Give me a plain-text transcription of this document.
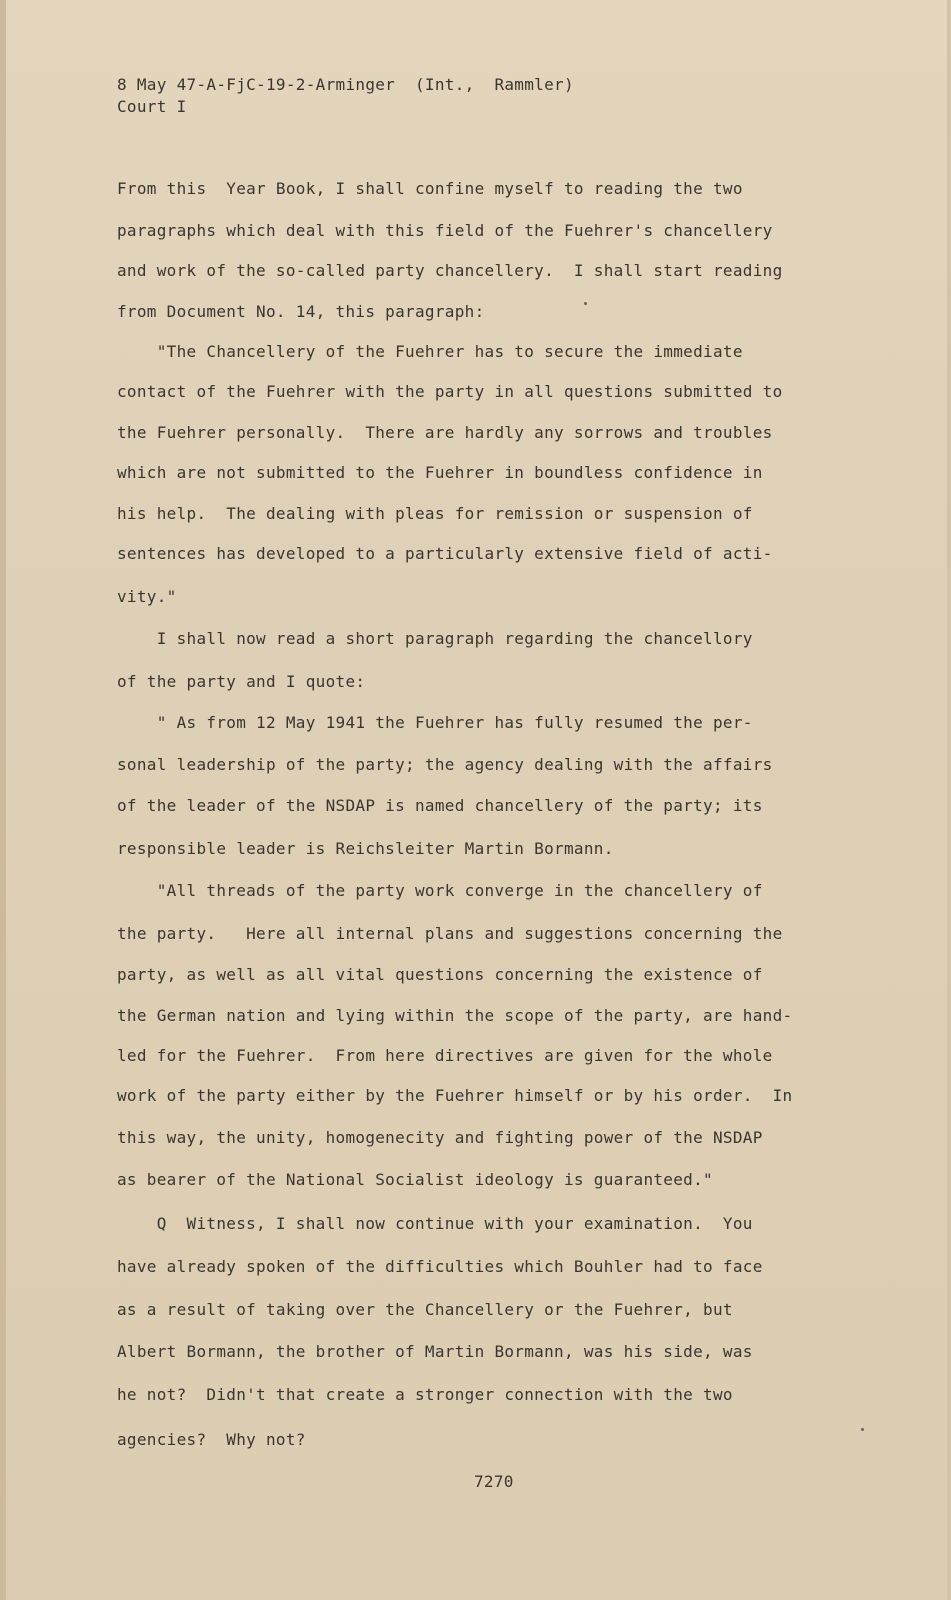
8 May 47-A-FjC-19-2-Arminger  (Int.,  Rammler)
Court I
From this  Year Book, I shall confine myself to reading the two
paragraphs which deal with this field of the Fuehrer's chancellery
and work of the so-called party chancellery.  I shall start reading
from Document No. 14, this paragraph:
"The Chancellery of the Fuehrer has to secure the immediate
contact of the Fuehrer with the party in all questions submitted to
the Fuehrer personally.  There are hardly any sorrows and troubles
which are not submitted to the Fuehrer in boundless confidence in
his help.  The dealing with pleas for remission or suspension of
sentences has developed to a particularly extensive field of acti-
vity."
I shall now read a short paragraph regarding the chancellory
of the party and I quote:
" As from 12 May 1941 the Fuehrer has fully resumed the per-
sonal leadership of the party; the agency dealing with the affairs
of the leader of the NSDAP is named chancellery of the party; its
responsible leader is Reichsleiter Martin Bormann.
"All threads of the party work converge in the chancellery of
the party.   Here all internal plans and suggestions concerning the
party, as well as all vital questions concerning the existence of
the German nation and lying within the scope of the party, are hand-
led for the Fuehrer.  From here directives are given for the whole
work of the party either by the Fuehrer himself or by his order.  In
this way, the unity, homogenecity and fighting power of the NSDAP
as bearer of the National Socialist ideology is guaranteed."
Q  Witness, I shall now continue with your examination.  You
have already spoken of the difficulties which Bouhler had to face
as a result of taking over the Chancellery or the Fuehrer, but
Albert Bormann, the brother of Martin Bormann, was his side, was
he not?  Didn't that create a stronger connection with the two
agencies?  Why not?
7270
